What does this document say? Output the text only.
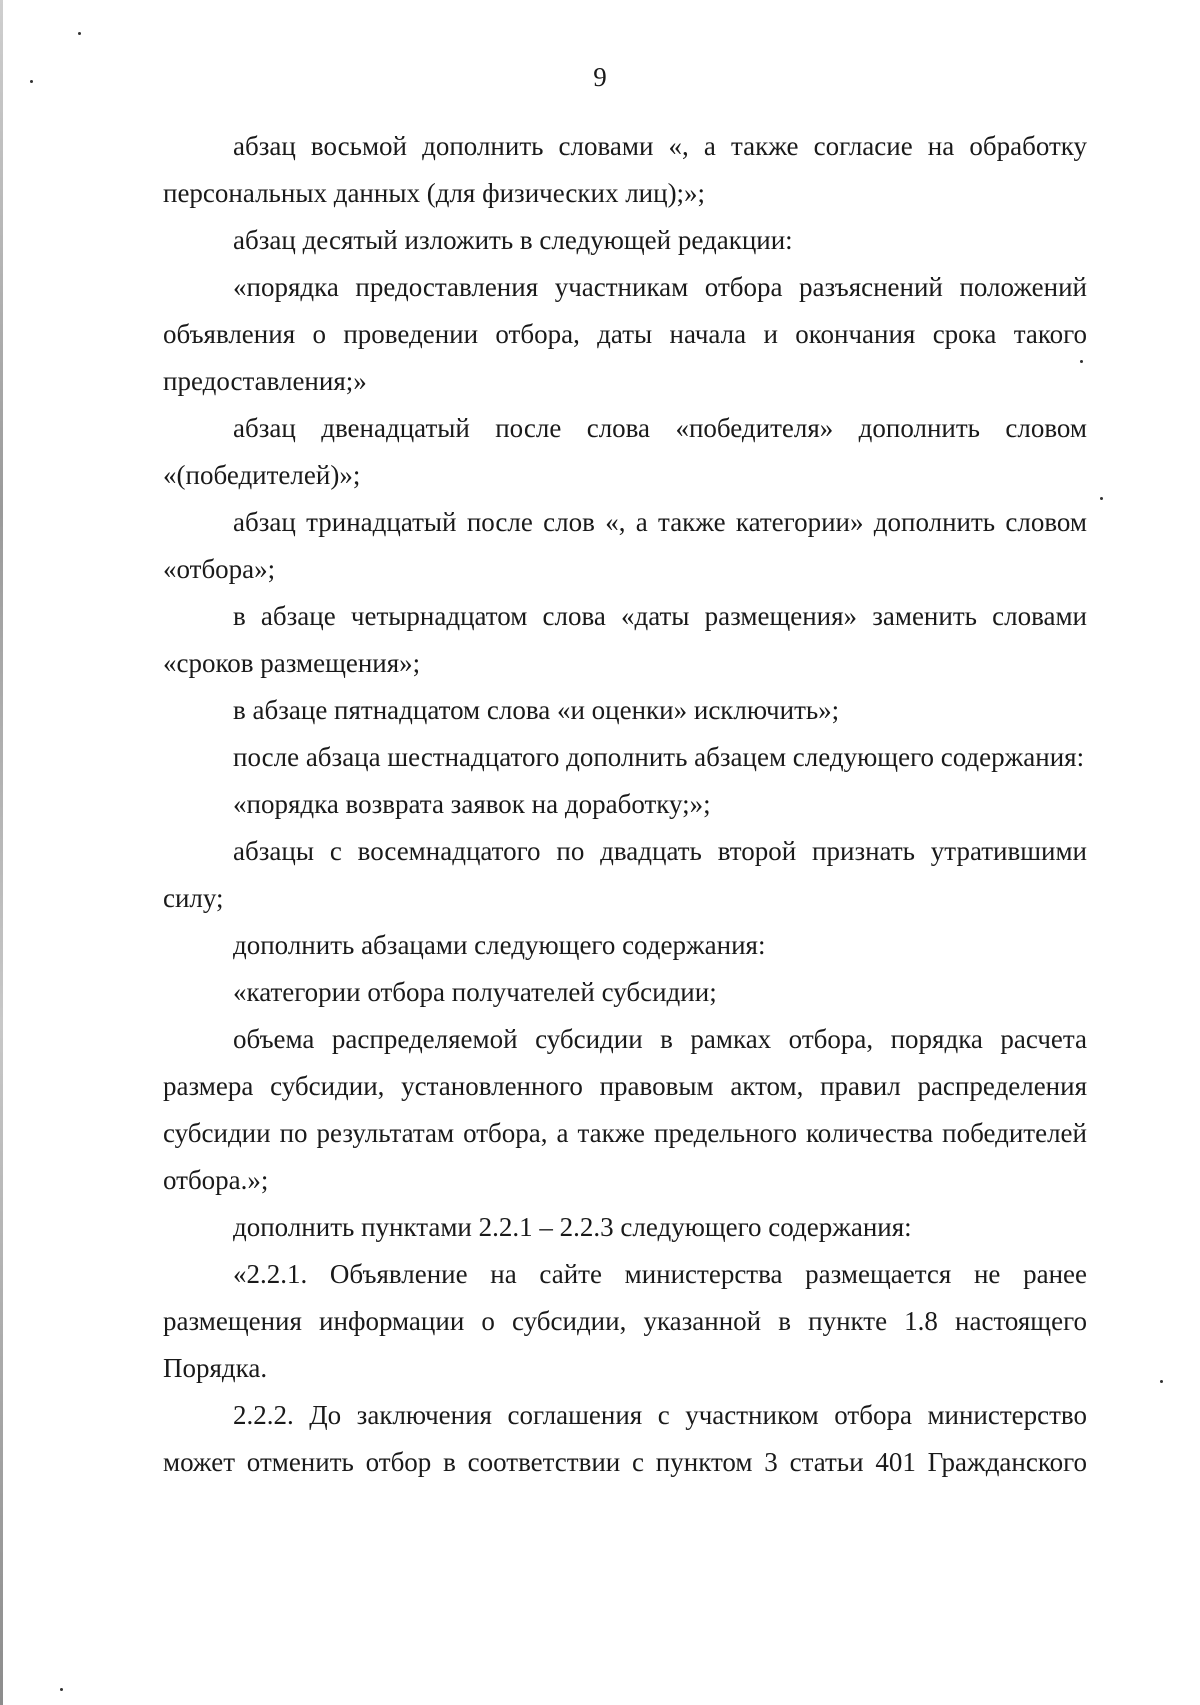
9

абзац восьмой дополнить словами «, а также согласие на обработку персональных данных (для физических лиц);»;

абзац десятый изложить в следующей редакции:

«порядка предоставления участникам отбора разъяснений положений объявления о проведении отбора, даты начала и окончания срока такого предоставления;»

абзац двенадцатый после слова «победителя» дополнить словом «(победителей)»;

абзац тринадцатый после слов «, а также категории» дополнить словом «отбора»;

в абзаце четырнадцатом слова «даты размещения» заменить словами «сроков размещения»;

в абзаце пятнадцатом слова «и оценки» исключить»;

после абзаца шестнадцатого дополнить абзацем следующего содержания:

«порядка возврата заявок на доработку;»;

абзацы с восемнадцатого по двадцать второй признать утратившими силу;

дополнить абзацами следующего содержания:

«категории отбора получателей субсидии;

объема распределяемой субсидии в рамках отбора, порядка расчета размера субсидии, установленного правовым актом, правил распределения субсидии по результатам отбора, а также предельного количества победителей отбора.»;

дополнить пунктами 2.2.1 – 2.2.3 следующего содержания:

«2.2.1. Объявление на сайте министерства размещается не ранее размещения информации о субсидии, указанной в пункте 1.8 настоящего Порядка.

2.2.2. До заключения соглашения с участником отбора министерство может отменить отбор в соответствии с пунктом 3 статьи 401 Гражданского
